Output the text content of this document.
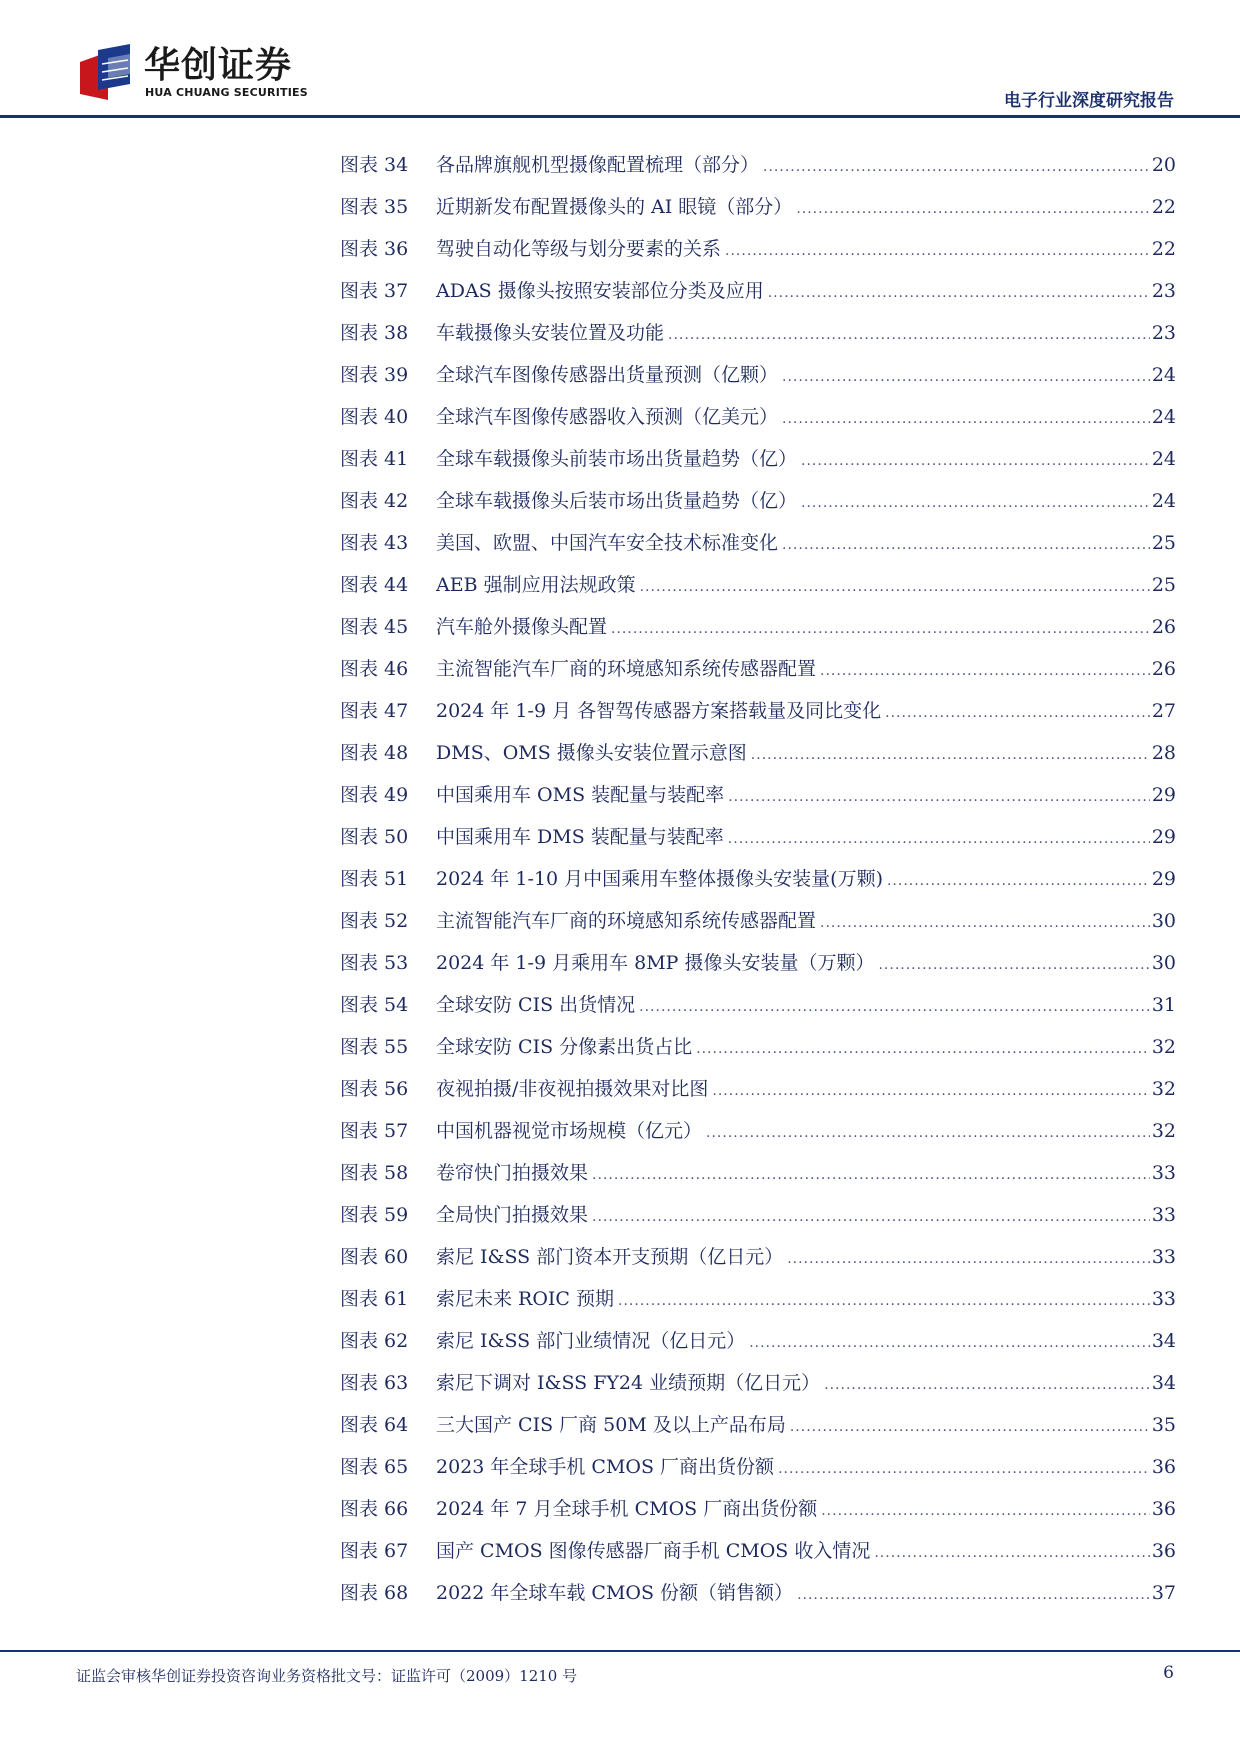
华创证券
HUA CHUANG SECURITIES	电子行业深度研究报告
图表 34	各品牌旗舰机型摄像配置梳理（部分） .....	20
图表 35	近期新发布配置摄像头的 AI 眼镜（部分） .....	22
图表 36	驾驶自动化等级与划分要素的关系 .....	22
图表 37	ADAS 摄像头按照安装部位分类及应用 .....	23
图表 38	车载摄像头安装位置及功能 .....	23
图表 39	全球汽车图像传感器出货量预测（亿颗） .....	24
图表 40	全球汽车图像传感器收入预测（亿美元） .....	24
图表 41	全球车载摄像头前装市场出货量趋势（亿） .....	24
图表 42	全球车载摄像头后装市场出货量趋势（亿） .....	24
图表 43	美国、欧盟、中国汽车安全技术标准变化 .....	25
图表 44	AEB 强制应用法规政策 .....	25
图表 45	汽车舱外摄像头配置 .....	26
图表 46	主流智能汽车厂商的环境感知系统传感器配置 .....	26
图表 47	2024 年 1-9 月 各智驾传感器方案搭载量及同比变化 .....	27
图表 48	DMS、OMS 摄像头安装位置示意图 .....	28
图表 49	中国乘用车 OMS 装配量与装配率 .....	29
图表 50	中国乘用车 DMS 装配量与装配率 .....	29
图表 51	2024 年 1-10 月中国乘用车整体摄像头安装量(万颗) .....	29
图表 52	主流智能汽车厂商的环境感知系统传感器配置 .....	30
图表 53	2024 年 1-9 月乘用车 8MP 摄像头安装量（万颗） .....	30
图表 54	全球安防 CIS 出货情况 .....	31
图表 55	全球安防 CIS 分像素出货占比 .....	32
图表 56	夜视拍摄/非夜视拍摄效果对比图 .....	32
图表 57	中国机器视觉市场规模（亿元） .....	32
图表 58	卷帘快门拍摄效果 .....	33
图表 59	全局快门拍摄效果 .....	33
图表 60	索尼 I&SS 部门资本开支预期（亿日元） .....	33
图表 61	索尼未来 ROIC 预期 .....	33
图表 62	索尼 I&SS 部门业绩情况（亿日元） .....	34
图表 63	索尼下调对 I&SS FY24 业绩预期（亿日元） .....	34
图表 64	三大国产 CIS 厂商 50M 及以上产品布局 .....	35
图表 65	2023 年全球手机 CMOS 厂商出货份额 .....	36
图表 66	2024 年 7 月全球手机 CMOS 厂商出货份额 .....	36
图表 67	国产 CMOS 图像传感器厂商手机 CMOS 收入情况 .....	36
图表 68	2022 年全球车载 CMOS 份额（销售额） .....	37
证监会审核华创证券投资咨询业务资格批文号：证监许可（2009）1210 号	6
